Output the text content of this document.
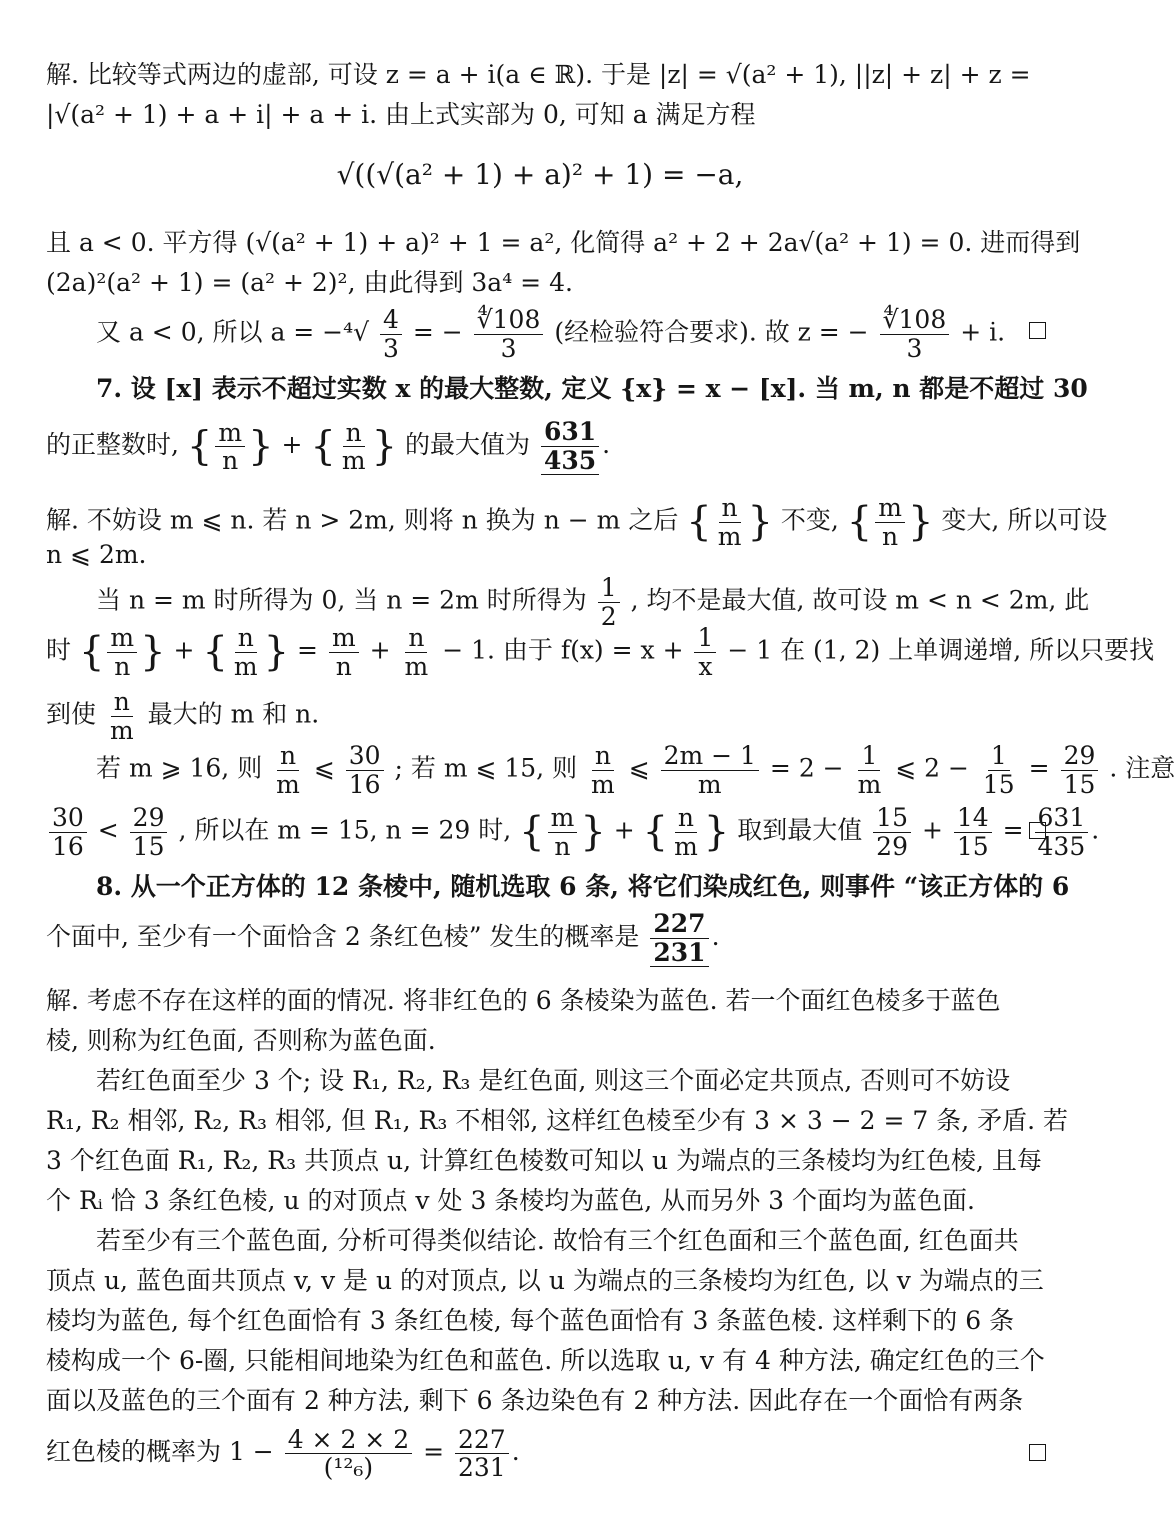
解. 比较等式两边的虚部, 可设 z = a + i(a ∈ ℝ). 于是 |z| = √(a² + 1), ||z| + z| + z =
|√(a² + 1) + a + i| + a + i. 由上式实部为 0, 可知 a 满足方程
√((√(a² + 1) + a)² + 1) = −a,
且 a < 0. 平方得 (√(a² + 1) + a)² + 1 = a², 化简得 a² + 2 + 2a√(a² + 1) = 0. 进而得到
(2a)²(a² + 1) = (a² + 2)², 由此得到 3a⁴ = 4.
又 a < 0, 所以 $a = -^4√ \frac{4}{3}$ = − $\frac{∜108}{3}$ (经检验符合要求). 故 z = − $\frac{∜108}{3} + i$.
7. 设 [x] 表示不超过实数 x 的最大整数, 定义 {x} = x − [x]. 当 m, n 都是不超过 30
的正整数时, { $\frac{m}{n}$ } + { $\frac{n}{m}$ } 的最大值为 $\frac{631}{435}$ .
解. 不妨设 m ⩽ n. 若 n > 2m, 则将 n 换为 n − m 之后 { $\frac{n}{m}$ } 不变, { $\frac{m}{n}$ } 变大, 所以可设
n ⩽ 2m.
当 n = m 时所得为 0, 当 n = 2m 时所得为 $\frac{1}{2}$ , 均不是最大值, 故可设 m < n < 2m, 此
时 { $\frac{m}{n}$ } + { $\frac{n}{m}$ } = $\frac{m}{n} + \frac{n}{m} - 1$. 由于 $f(x) = x + \frac{1}{x} - 1$ 在 (1, 2) 上单调递增, 所以只要找
到使 $\frac{n}{m}$ 最大的 m 和 n.
若 m ⩾ 16, 则 $\frac{n}{m}$ ⩽ $\frac{30}{16}$ ; 若 m ⩽ 15, 则 $\frac{n}{m}$ ⩽ $\frac{2m - 1}{m} = 2 - \frac{1}{m}$ ⩽ $2 - \frac{1}{15} = \frac{29}{15}$ . 注意
$\frac{30}{16} < \frac{29}{15}$ , 所以在 m = 15, n = 29 时, { $\frac{m}{n}$ } + { $\frac{n}{m}$ } 取到最大值 $\frac{15}{29} + \frac{14}{15} = \frac{631}{435}$ .
8. 从一个正方体的 12 条棱中, 随机选取 6 条, 将它们染成红色, 则事件 “该正方体的 6
个面中, 至少有一个面恰含 2 条红色棱” 发生的概率是 $\frac{227}{231}$ .
解. 考虑不存在这样的面的情况. 将非红色的 6 条棱染为蓝色. 若一个面红色棱多于蓝色
棱, 则称为红色面, 否则称为蓝色面.
若红色面至少 3 个; 设 R₁, R₂, R₃ 是红色面, 则这三个面必定共顶点, 否则可不妨设
R₁, R₂ 相邻, R₂, R₃ 相邻, 但 R₁, R₃ 不相邻, 这样红色棱至少有 3 × 3 − 2 = 7 条, 矛盾. 若
3 个红色面 R₁, R₂, R₃ 共顶点 u, 计算红色棱数可知以 u 为端点的三条棱均为红色棱, 且每
个 Rᵢ 恰 3 条红色棱, u 的对顶点 v 处 3 条棱均为蓝色, 从而另外 3 个面均为蓝色面.
若至少有三个蓝色面, 分析可得类似结论. 故恰有三个红色面和三个蓝色面, 红色面共
顶点 u, 蓝色面共顶点 v, v 是 u 的对顶点, 以 u 为端点的三条棱均为红色, 以 v 为端点的三
棱均为蓝色, 每个红色面恰有 3 条红色棱, 每个蓝色面恰有 3 条蓝色棱. 这样剩下的 6 条
棱构成一个 6-圈, 只能相间地染为红色和蓝色. 所以选取 u, v 有 4 种方法, 确定红色的三个
面以及蓝色的三个面有 2 种方法, 剩下 6 条边染色有 2 种方法. 因此存在一个面恰有两条
红色棱的概率为 $1 - \frac{4 \times 2 \times 2}{\text{(¹²₆)}} = \frac{227}{231}$ .
